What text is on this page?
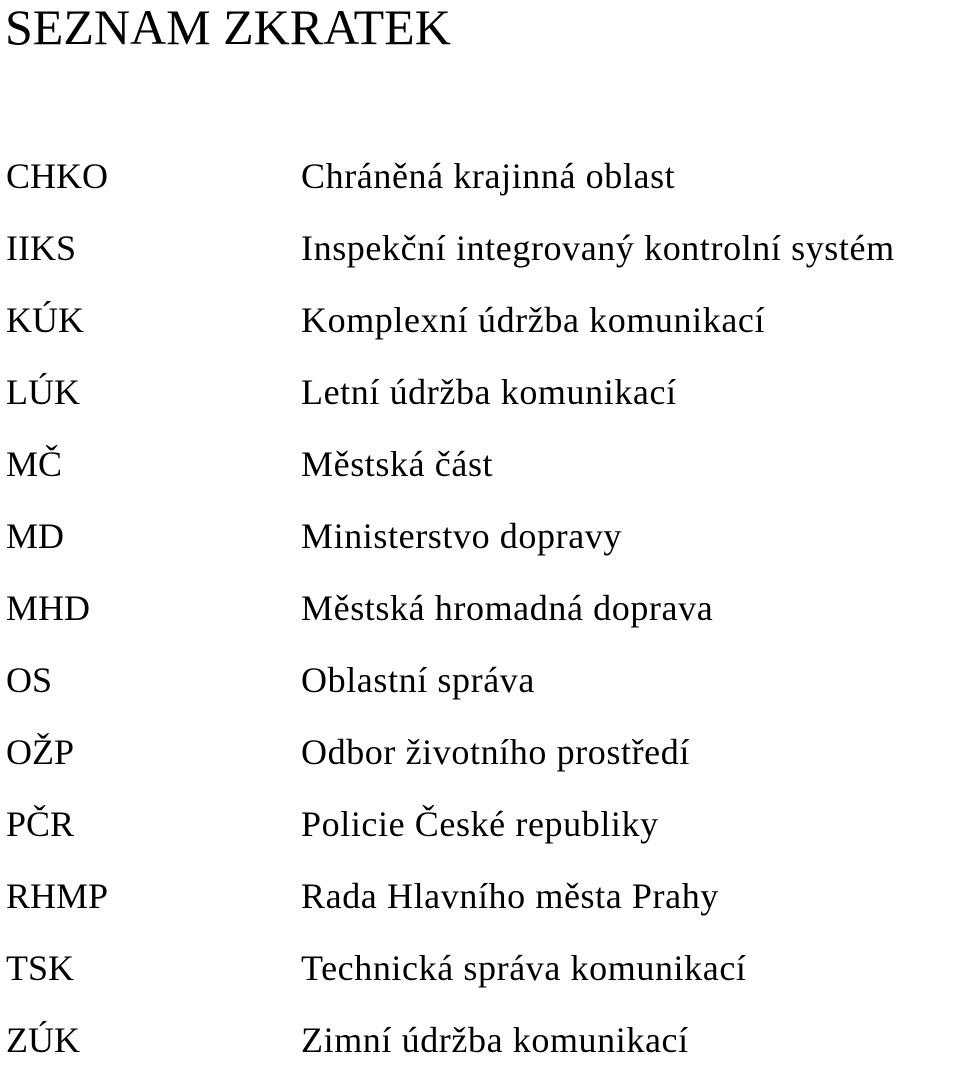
SEZNAM ZKRATEK
CHKO	Chráněná krajinná oblast
IIKS	Inspekční integrovaný kontrolní systém
KÚK	Komplexní údržba komunikací
LÚK	Letní údržba komunikací
MČ	Městská část
MD	Ministerstvo dopravy
MHD	Městská hromadná doprava
OS	Oblastní správa
OŽP	Odbor životního prostředí
PČR	Policie České republiky
RHMP	Rada Hlavního města Prahy
TSK	Technická správa komunikací
ZÚK	Zimní údržba komunikací
